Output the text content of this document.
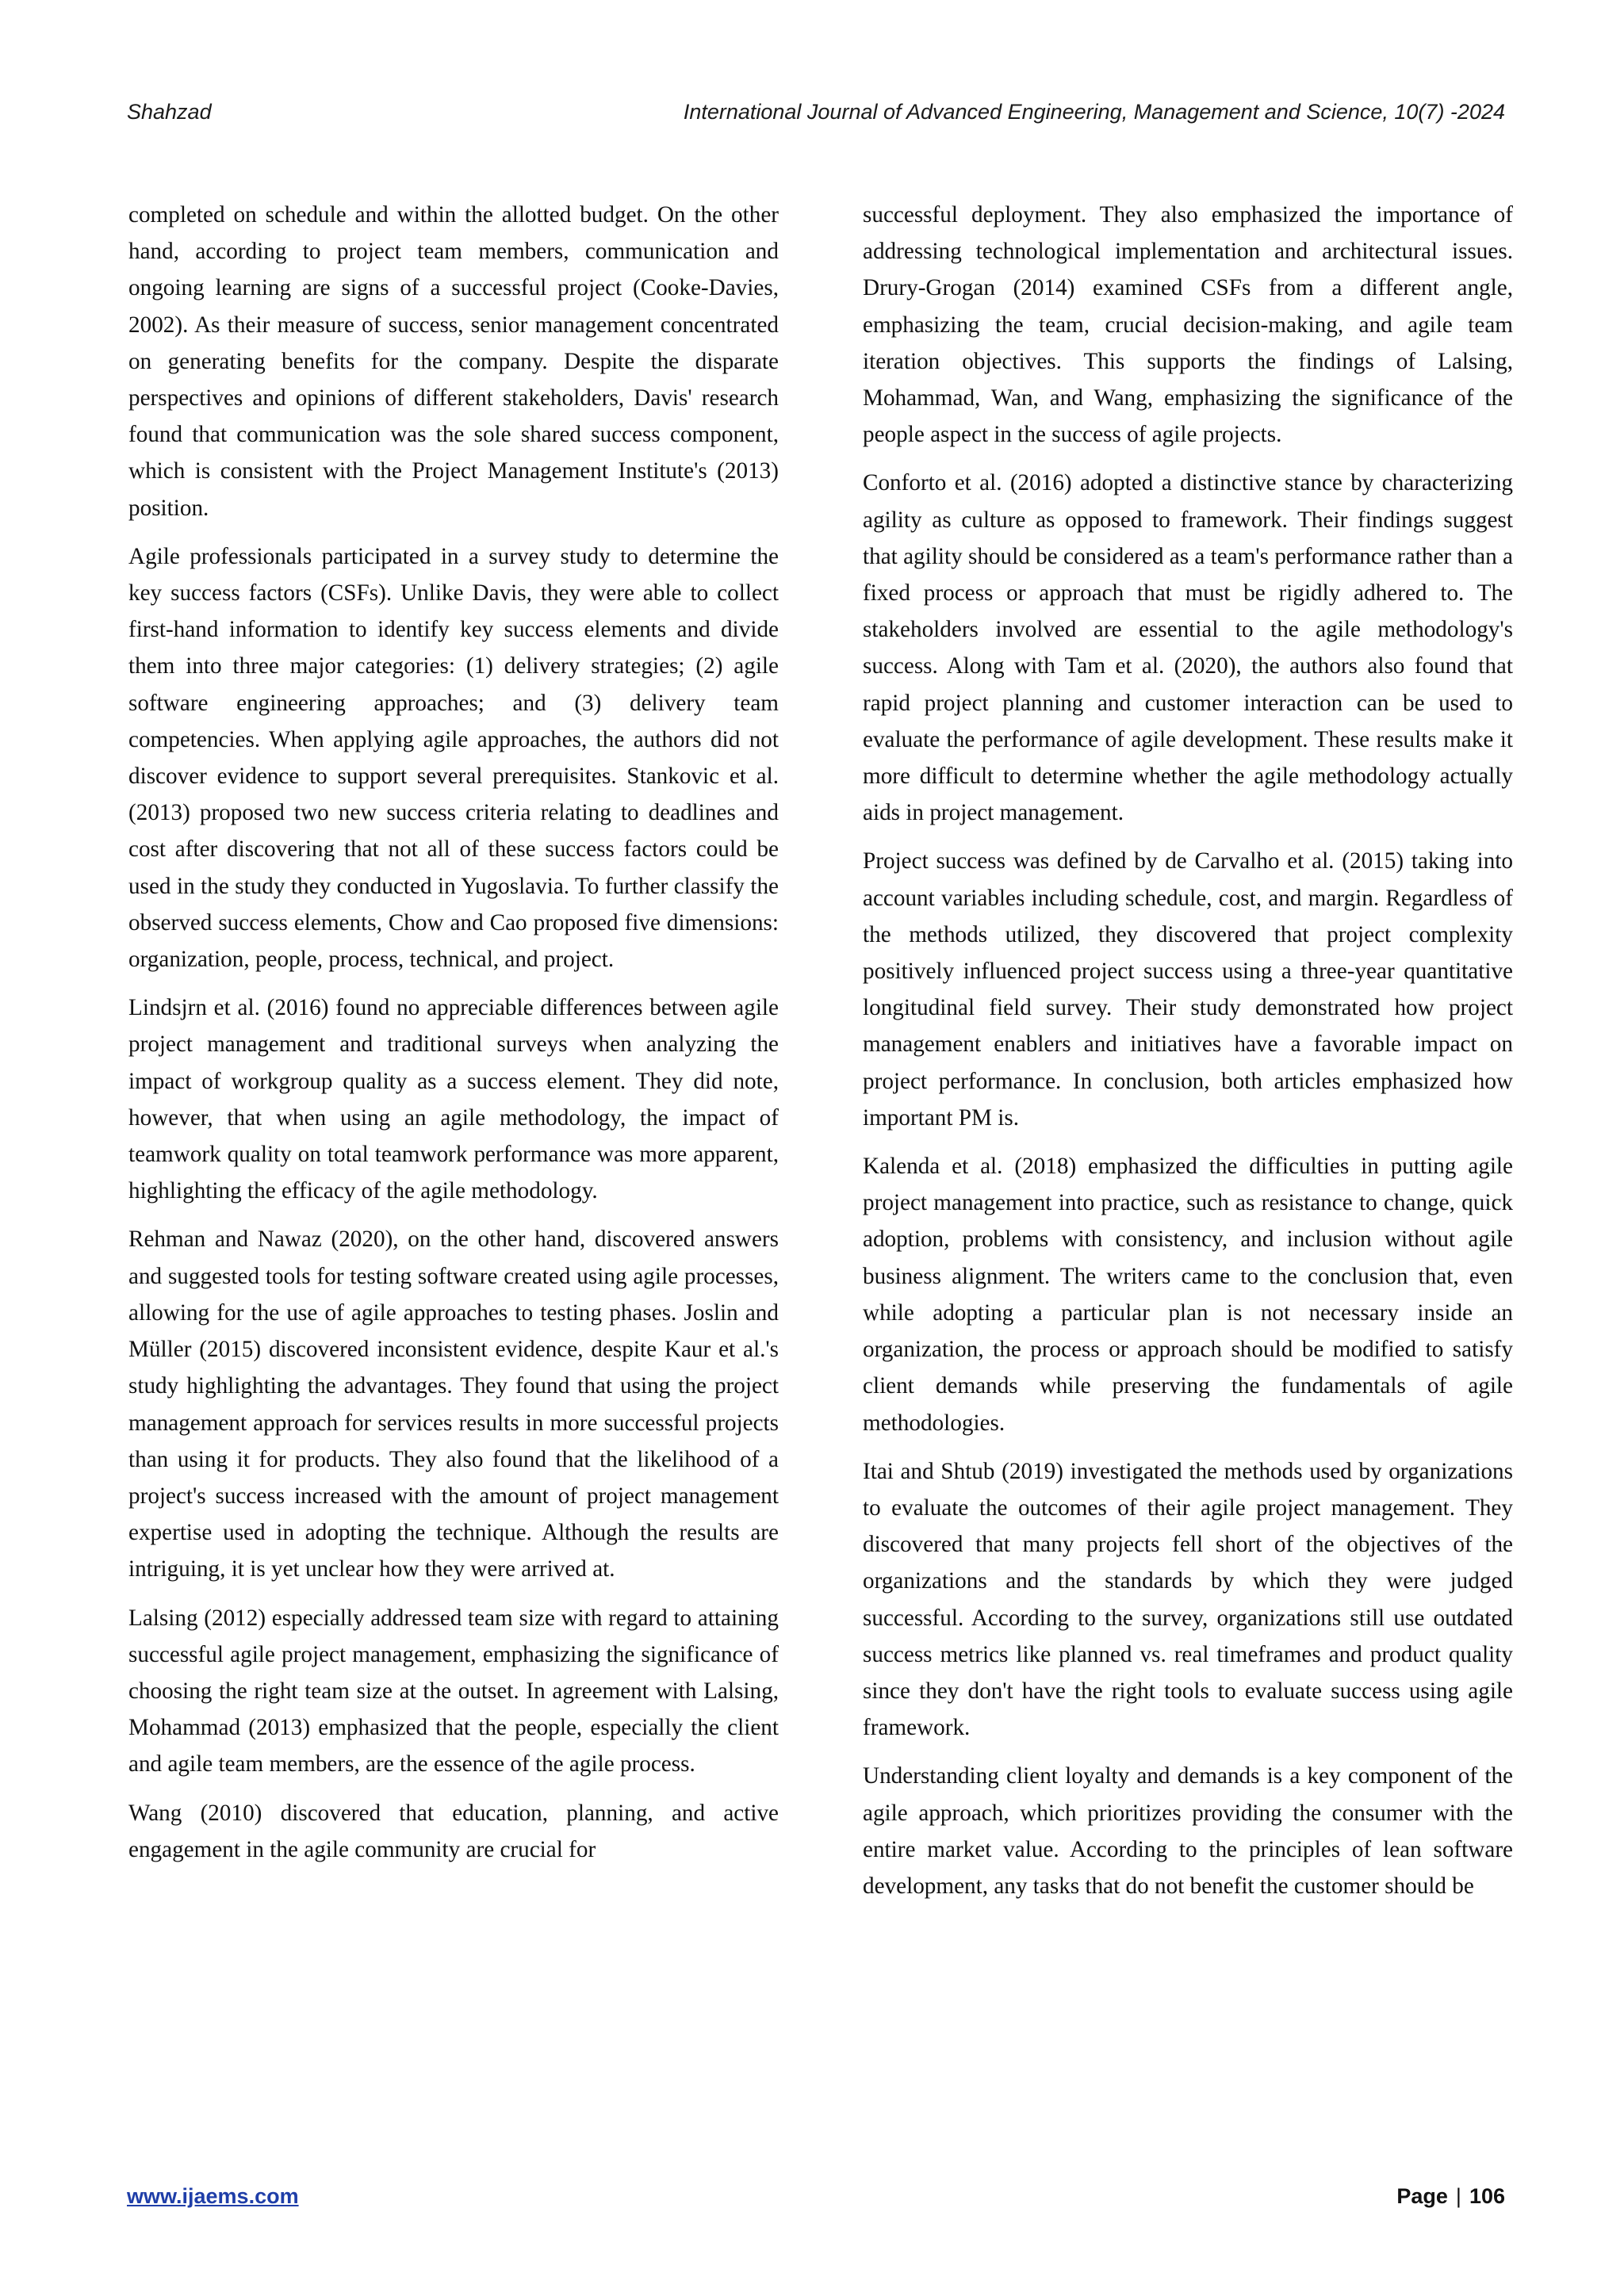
Shahzad	International Journal of Advanced Engineering, Management and Science, 10(7) -2024

completed on schedule and within the allotted budget. On the other hand, according to project team members, communication and ongoing learning are signs of a successful project (Cooke-Davies, 2002). As their measure of success, senior management concentrated on generating benefits for the company. Despite the disparate perspectives and opinions of different stakeholders, Davis' research found that communication was the sole shared success component, which is consistent with the Project Management Institute's (2013) position.

Agile professionals participated in a survey study to determine the key success factors (CSFs). Unlike Davis, they were able to collect first-hand information to identify key success elements and divide them into three major categories: (1) delivery strategies; (2) agile software engineering approaches; and (3) delivery team competencies. When applying agile approaches, the authors did not discover evidence to support several prerequisites. Stankovic et al. (2013) proposed two new success criteria relating to deadlines and cost after discovering that not all of these success factors could be used in the study they conducted in Yugoslavia. To further classify the observed success elements, Chow and Cao proposed five dimensions: organization, people, process, technical, and project.

Lindsjrn et al. (2016) found no appreciable differences between agile project management and traditional surveys when analyzing the impact of workgroup quality as a success element. They did note, however, that when using an agile methodology, the impact of teamwork quality on total teamwork performance was more apparent, highlighting the efficacy of the agile methodology.

Rehman and Nawaz (2020), on the other hand, discovered answers and suggested tools for testing software created using agile processes, allowing for the use of agile approaches to testing phases. Joslin and Müller (2015) discovered inconsistent evidence, despite Kaur et al.'s study highlighting the advantages. They found that using the project management approach for services results in more successful projects than using it for products. They also found that the likelihood of a project's success increased with the amount of project management expertise used in adopting the technique. Although the results are intriguing, it is yet unclear how they were arrived at.

Lalsing (2012) especially addressed team size with regard to attaining successful agile project management, emphasizing the significance of choosing the right team size at the outset. In agreement with Lalsing, Mohammad (2013) emphasized that the people, especially the client and agile team members, are the essence of the agile process.

Wang (2010) discovered that education, planning, and active engagement in the agile community are crucial for

successful deployment. They also emphasized the importance of addressing technological implementation and architectural issues. Drury-Grogan (2014) examined CSFs from a different angle, emphasizing the team, crucial decision-making, and agile team iteration objectives. This supports the findings of Lalsing, Mohammad, Wan, and Wang, emphasizing the significance of the people aspect in the success of agile projects.

Conforto et al. (2016) adopted a distinctive stance by characterizing agility as culture as opposed to framework. Their findings suggest that agility should be considered as a team's performance rather than a fixed process or approach that must be rigidly adhered to. The stakeholders involved are essential to the agile methodology's success. Along with Tam et al. (2020), the authors also found that rapid project planning and customer interaction can be used to evaluate the performance of agile development. These results make it more difficult to determine whether the agile methodology actually aids in project management.

Project success was defined by de Carvalho et al. (2015) taking into account variables including schedule, cost, and margin. Regardless of the methods utilized, they discovered that project complexity positively influenced project success using a three-year quantitative longitudinal field survey. Their study demonstrated how project management enablers and initiatives have a favorable impact on project performance. In conclusion, both articles emphasized how important PM is.

Kalenda et al. (2018) emphasized the difficulties in putting agile project management into practice, such as resistance to change, quick adoption, problems with consistency, and inclusion without agile business alignment. The writers came to the conclusion that, even while adopting a particular plan is not necessary inside an organization, the process or approach should be modified to satisfy client demands while preserving the fundamentals of agile methodologies.

Itai and Shtub (2019) investigated the methods used by organizations to evaluate the outcomes of their agile project management. They discovered that many projects fell short of the objectives of the organizations and the standards by which they were judged successful. According to the survey, organizations still use outdated success metrics like planned vs. real timeframes and product quality since they don't have the right tools to evaluate success using agile framework.

Understanding client loyalty and demands is a key component of the agile approach, which prioritizes providing the consumer with the entire market value. According to the principles of lean software development, any tasks that do not benefit the customer should be

www.ijaems.com	Page | 106
